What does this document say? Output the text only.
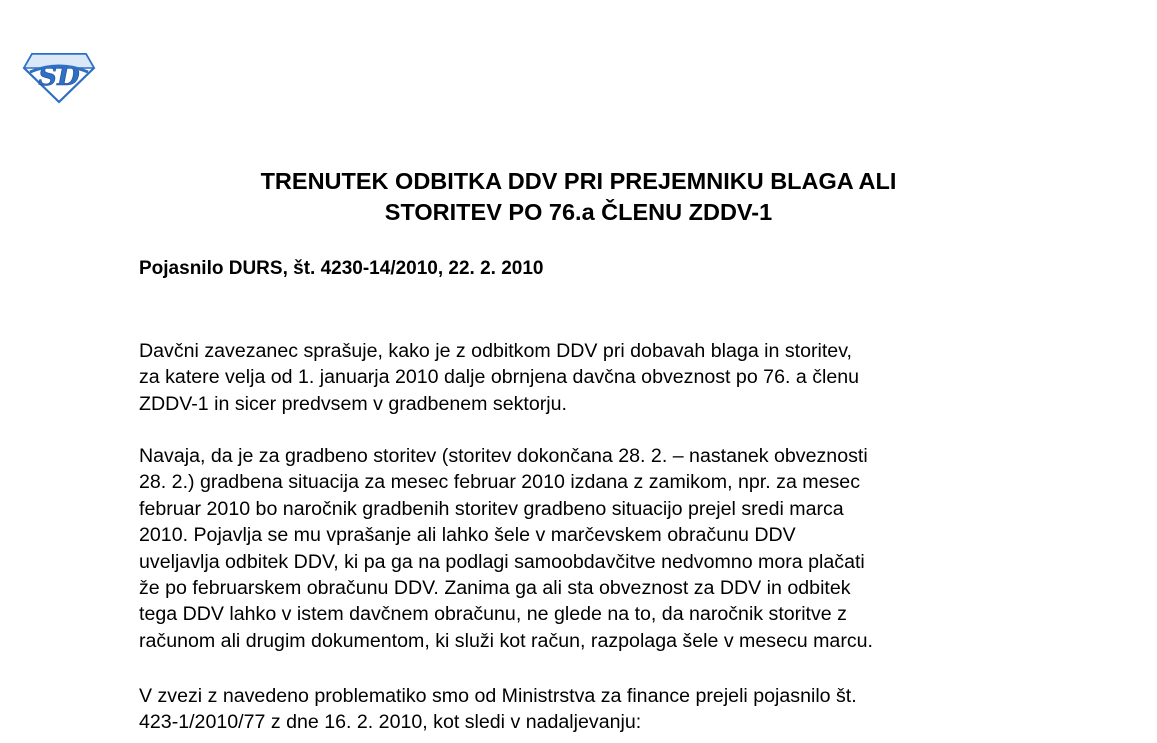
SD
TRENUTEK ODBITKA DDV PRI PREJEMNIKU BLAGA ALI
STORITEV PO 76.a ČLENU ZDDV-1
Pojasnilo DURS, št. 4230-14/2010, 22. 2. 2010
Davčni zavezanec sprašuje, kako je z odbitkom DDV pri dobavah blaga in storitev,
za katere velja od 1. januarja 2010 dalje obrnjena davčna obveznost po 76. a členu
ZDDV-1 in sicer predvsem v gradbenem sektorju.
Navaja, da je za gradbeno storitev (storitev dokončana 28. 2. – nastanek obveznosti
28. 2.) gradbena situacija za mesec februar 2010 izdana z zamikom, npr. za mesec
februar 2010 bo naročnik gradbenih storitev gradbeno situacijo prejel sredi marca
2010. Pojavlja se mu vprašanje ali lahko šele v marčevskem obračunu DDV
uveljavlja odbitek DDV, ki pa ga na podlagi samoobdavčitve nedvomno mora plačati
že po februarskem obračunu DDV. Zanima ga ali sta obveznost za DDV in odbitek
tega DDV lahko v istem davčnem obračunu, ne glede na to, da naročnik storitve z
računom ali drugim dokumentom, ki služi kot račun, razpolaga šele v mesecu marcu.
V zvezi z navedeno problematiko smo od Ministrstva za finance prejeli pojasnilo št.
423-1/2010/77 z dne 16. 2. 2010, kot sledi v nadaljevanju:
